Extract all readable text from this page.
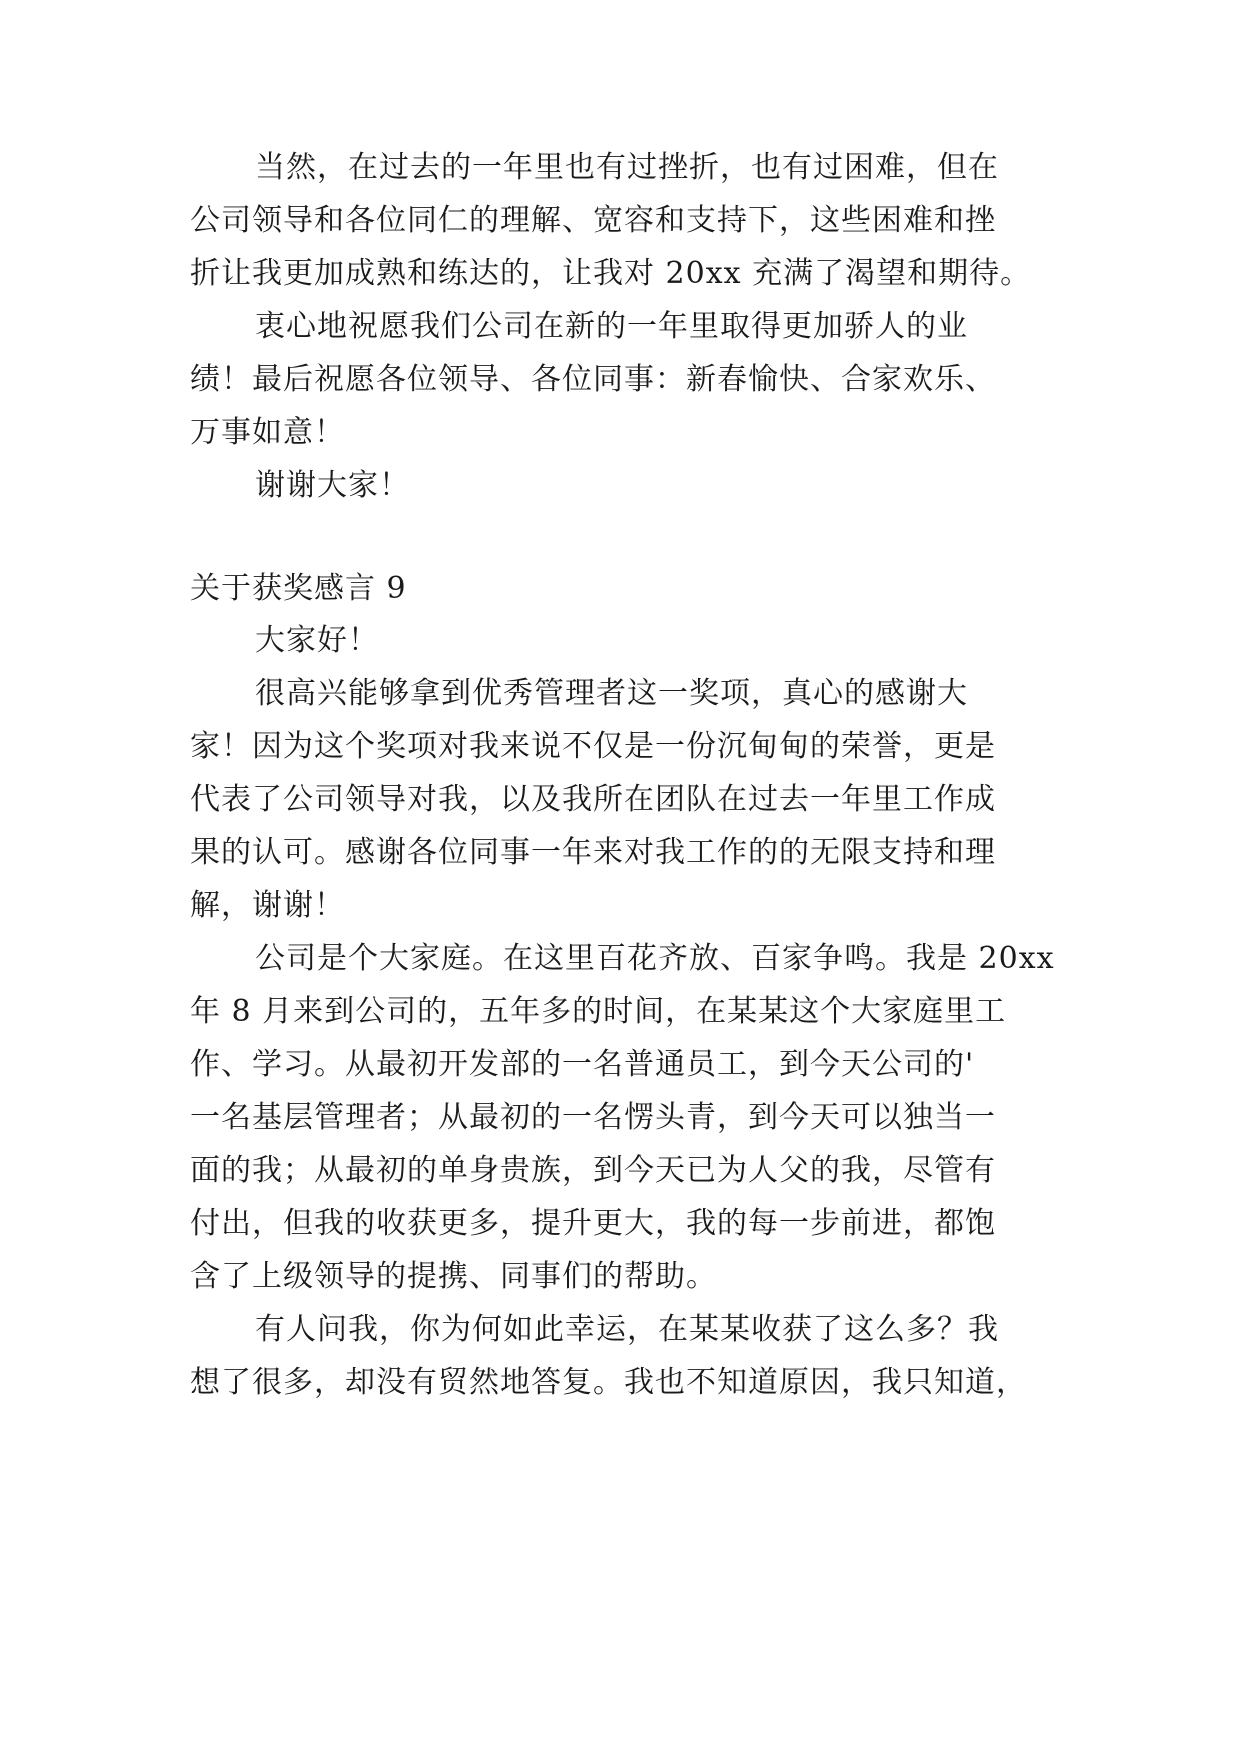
当然，在过去的一年里也有过挫折，也有过困难，但在

公司领导和各位同仁的理解、宽容和支持下，这些困难和挫

折让我更加成熟和练达的，让我对 20xx 充满了渴望和期待。

衷心地祝愿我们公司在新的一年里取得更加骄人的业

绩！最后祝愿各位领导、各位同事：新春愉快、合家欢乐、

万事如意！

谢谢大家！

关于获奖感言 9

大家好！

很高兴能够拿到优秀管理者这一奖项，真心的感谢大

家！因为这个奖项对我来说不仅是一份沉甸甸的荣誉，更是

代表了公司领导对我，以及我所在团队在过去一年里工作成

果的认可。感谢各位同事一年来对我工作的的无限支持和理

解，谢谢！

公司是个大家庭。在这里百花齐放、百家争鸣。我是 20xx

年 8 月来到公司的，五年多的时间，在某某这个大家庭里工

作、学习。从最初开发部的一名普通员工，到今天公司的'

一名基层管理者；从最初的一名愣头青，到今天可以独当一

面的我；从最初的单身贵族，到今天已为人父的我，尽管有

付出，但我的收获更多，提升更大，我的每一步前进，都饱

含了上级领导的提携、同事们的帮助。

有人问我，你为何如此幸运，在某某收获了这么多？我

想了很多，却没有贸然地答复。我也不知道原因，我只知道，
